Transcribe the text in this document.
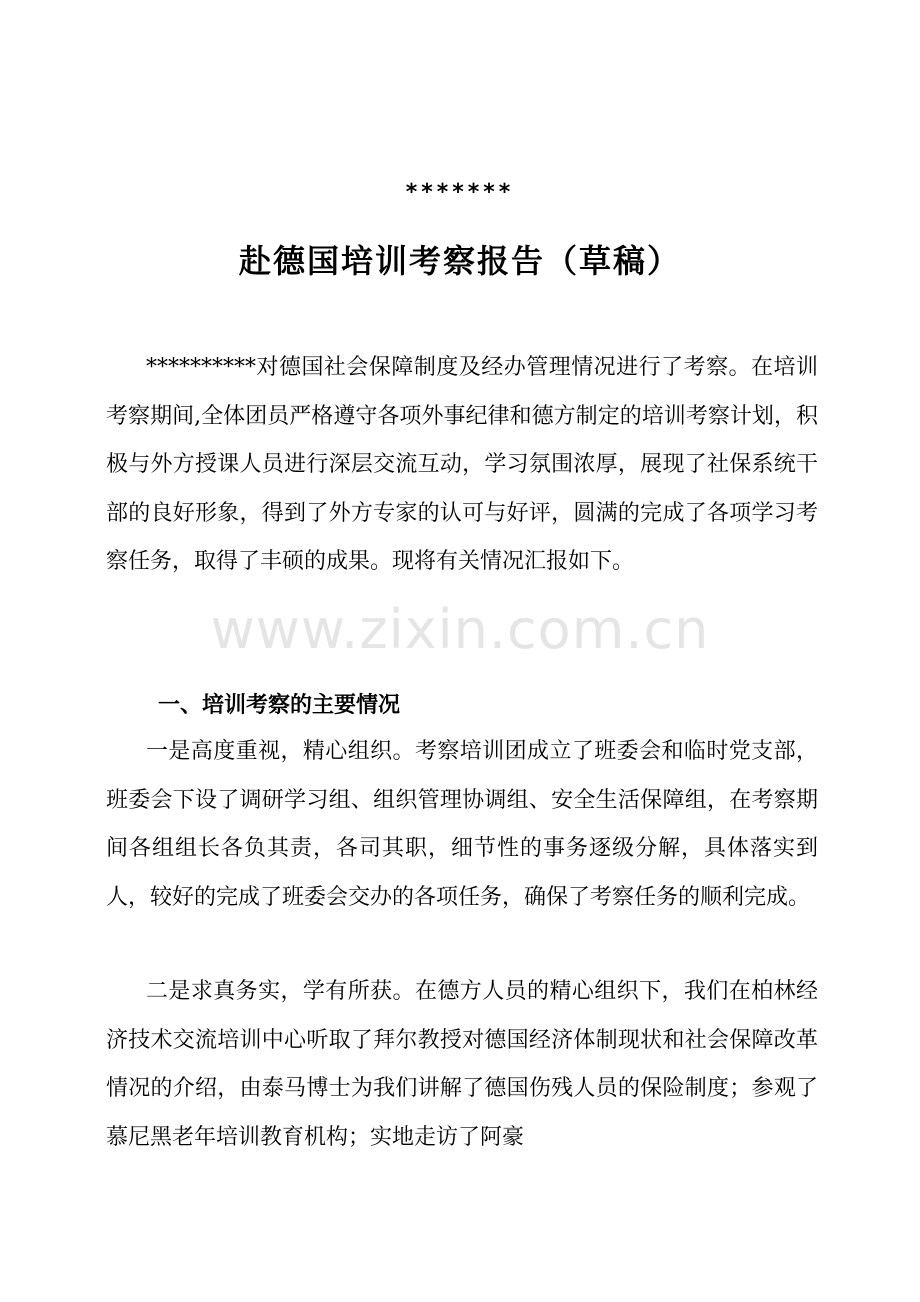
*******
赴德国培训考察报告（草稿）
**********对德国社会保障制度及经办管理情况进行了考察。在培训考察期间,全体团员严格遵守各项外事纪律和德方制定的培训考察计划，积极与外方授课人员进行深层交流互动，学习氛围浓厚，展现了社保系统干部的良好形象，得到了外方专家的认可与好评，圆满的完成了各项学习考察任务，取得了丰硕的成果。现将有关情况汇报如下。
www.zixin.com.cn
一、培训考察的主要情况
一是高度重视，精心组织。考察培训团成立了班委会和临时党支部，班委会下设了调研学习组、组织管理协调组、安全生活保障组，在考察期间各组组长各负其责，各司其职，细节性的事务逐级分解，具体落实到人，较好的完成了班委会交办的各项任务，确保了考察任务的顺利完成。
二是求真务实，学有所获。在德方人员的精心组织下，我们在柏林经济技术交流培训中心听取了拜尔教授对德国经济体制现状和社会保障改革情况的介绍，由泰马博士为我们讲解了德国伤残人员的保险制度；参观了慕尼黑老年培训教育机构；实地走访了阿豪
